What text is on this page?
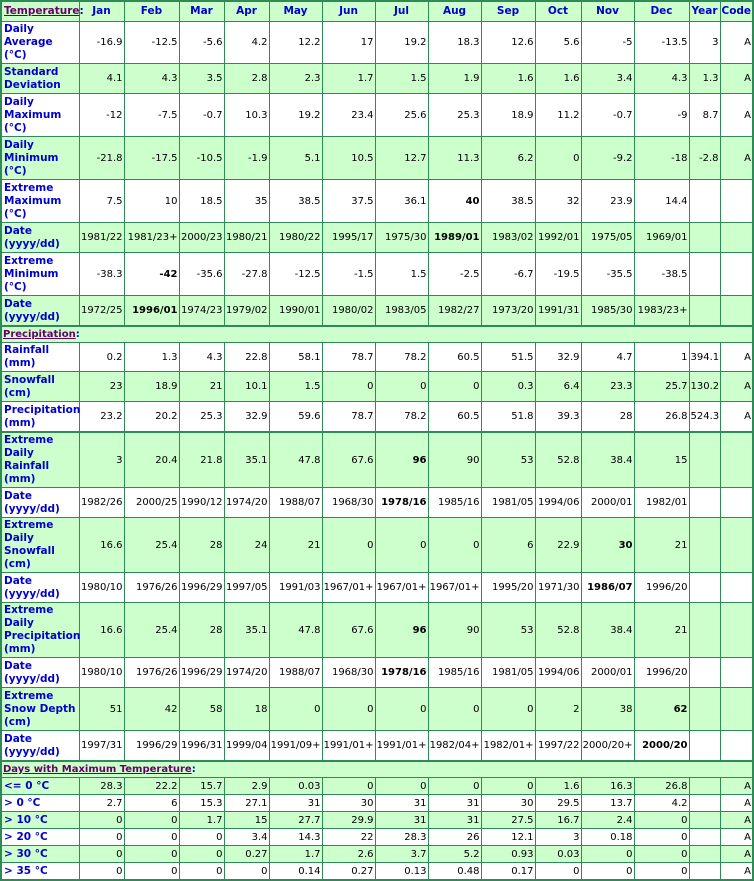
Temperature:	Jan	Feb	Mar	Apr	May	Jun	Jul	Aug	Sep	Oct	Nov	Dec	Year	Code
Daily Average (°C)	-16.9	-12.5	-5.6	4.2	12.2	17	19.2	18.3	12.6	5.6	-5	-13.5	3	A
Standard Deviation	4.1	4.3	3.5	2.8	2.3	1.7	1.5	1.9	1.6	1.6	3.4	4.3	1.3	A
Daily Maximum (°C)	-12	-7.5	-0.7	10.3	19.2	23.4	25.6	25.3	18.9	11.2	-0.7	-9	8.7	A
Daily Minimum (°C)	-21.8	-17.5	-10.5	-1.9	5.1	10.5	12.7	11.3	6.2	0	-9.2	-18	-2.8	A
Extreme Maximum (°C)	7.5	10	18.5	35	38.5	37.5	36.1	40	38.5	32	23.9	14.4		
Date (yyyy/dd)	1981/22	1981/23+	2000/23	1980/21	1980/22	1995/17	1975/30	1989/01	1983/02	1992/01	1975/05	1969/01		
Extreme Minimum (°C)	-38.3	-42	-35.6	-27.8	-12.5	-1.5	1.5	-2.5	-6.7	-19.5	-35.5	-38.5		
Date (yyyy/dd)	1972/25	1996/01	1974/23	1979/02	1990/01	1980/02	1983/05	1982/27	1973/20	1991/31	1985/30	1983/23+		
Precipitation:														
Rainfall (mm)	0.2	1.3	4.3	22.8	58.1	78.7	78.2	60.5	51.5	32.9	4.7	1	394.1	A
Snowfall (cm)	23	18.9	21	10.1	1.5	0	0	0	0.3	6.4	23.3	25.7	130.2	A
Precipitation (mm)	23.2	20.2	25.3	32.9	59.6	78.7	78.2	60.5	51.8	39.3	28	26.8	524.3	A
Extreme Daily Rainfall (mm)	3	20.4	21.8	35.1	47.8	67.6	96	90	53	52.8	38.4	15		
Date (yyyy/dd)	1982/26	2000/25	1990/12	1974/20	1988/07	1968/30	1978/16	1985/16	1981/05	1994/06	2000/01	1982/01		
Extreme Daily Snowfall (cm)	16.6	25.4	28	24	21	0	0	0	6	22.9	30	21		
Date (yyyy/dd)	1980/10	1976/26	1996/29	1997/05	1991/03	1967/01+	1967/01+	1967/01+	1995/20	1971/30	1986/07	1996/20		
Extreme Daily Precipitation (mm)	16.6	25.4	28	35.1	47.8	67.6	96	90	53	52.8	38.4	21		
Date (yyyy/dd)	1980/10	1976/26	1996/29	1974/20	1988/07	1968/30	1978/16	1985/16	1981/05	1994/06	2000/01	1996/20		
Extreme Snow Depth (cm)	51	42	58	18	0	0	0	0	0	2	38	62		
Date (yyyy/dd)	1997/31	1996/29	1996/31	1999/04	1991/09+	1991/01+	1991/01+	1982/04+	1982/01+	1997/22	2000/20+	2000/20		
Days with Maximum Temperature:														
<= 0 °C	28.3	22.2	15.7	2.9	0.03	0	0	0	0	1.6	16.3	26.8		A
> 0 °C	2.7	6	15.3	27.1	31	30	31	31	30	29.5	13.7	4.2		A
> 10 °C	0	0	1.7	15	27.7	29.9	31	31	27.5	16.7	2.4	0		A
> 20 °C	0	0	0	3.4	14.3	22	28.3	26	12.1	3	0.18	0		A
> 30 °C	0	0	0	0.27	1.7	2.6	3.7	5.2	0.93	0.03	0	0		A
> 35 °C	0	0	0	0	0.14	0.27	0.13	0.48	0.17	0	0	0		A
